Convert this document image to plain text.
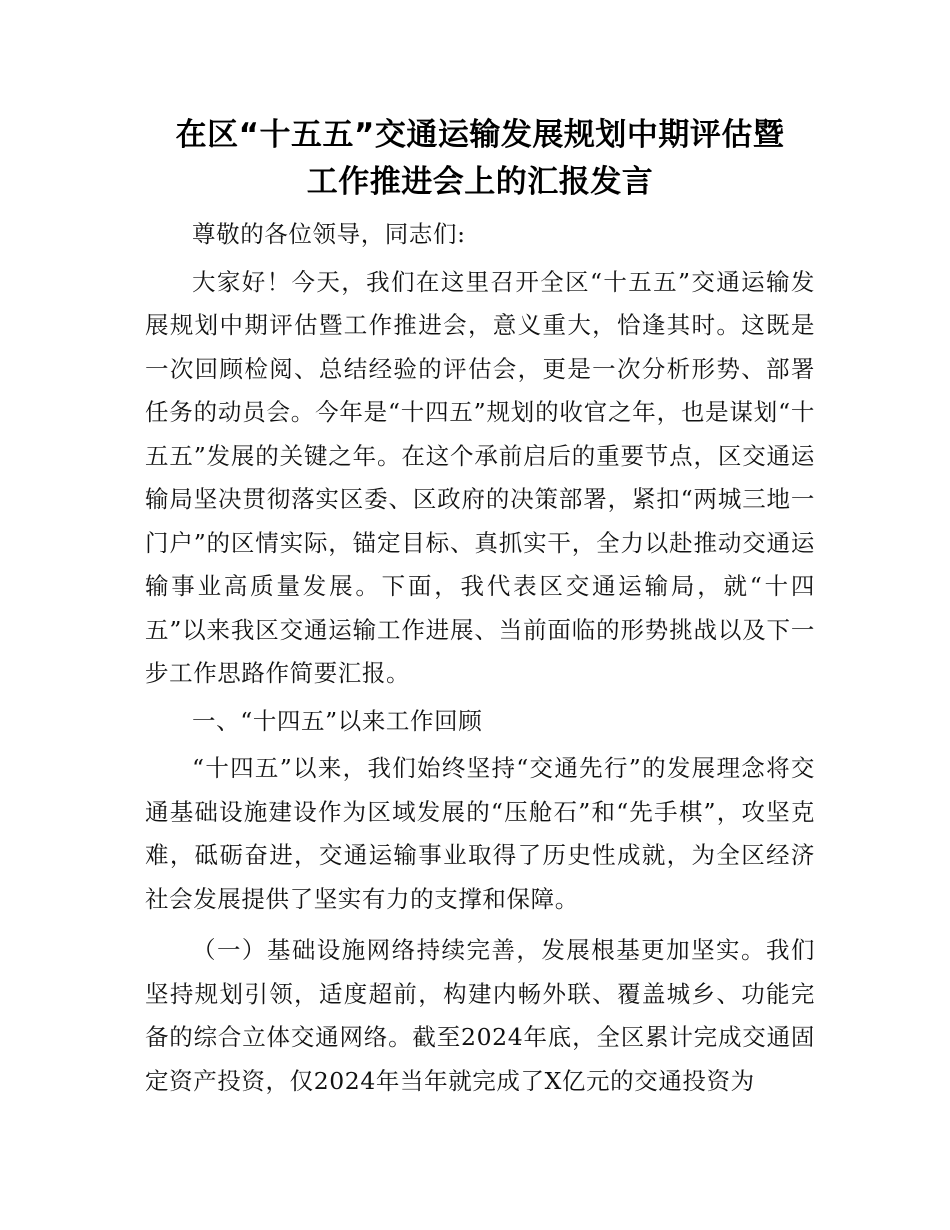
在区“十五五”交通运输发展规划中期评估暨
工作推进会上的汇报发言

尊敬的各位领导，同志们:

大家好！今天，我们在这里召开全区“十五五”交通运输发展规划中期评估暨工作推进会，意义重大，恰逢其时。这既是一次回顾检阅、总结经验的评估会，更是一次分析形势、部署任务的动员会。今年是“十四五”规划的收官之年，也是谋划“十五五”发展的关键之年。在这个承前启后的重要节点，区交通运输局坚决贯彻落实区委、区政府的决策部署，紧扣“两城三地一门户”的区情实际，锚定目标、真抓实干，全力以赴推动交通运输事业高质量发展。下面，我代表区交通运输局，就“十四五”以来我区交通运输工作进展、当前面临的形势挑战以及下一步工作思路作简要汇报。

一、“十四五”以来工作回顾

“十四五”以来，我们始终坚持“交通先行”的发展理念将交通基础设施建设作为区域发展的“压舱石”和“先手棋”，攻坚克难，砥砺奋进，交通运输事业取得了历史性成就，为全区经济社会发展提供了坚实有力的支撑和保障。

（一）基础设施网络持续完善，发展根基更加坚实。我们坚持规划引领，适度超前，构建内畅外联、覆盖城乡、功能完备的综合立体交通网络。截至2024年底，全区累计完成交通固定资产投资，仅2024年当年就完成了X亿元的交通投资为
